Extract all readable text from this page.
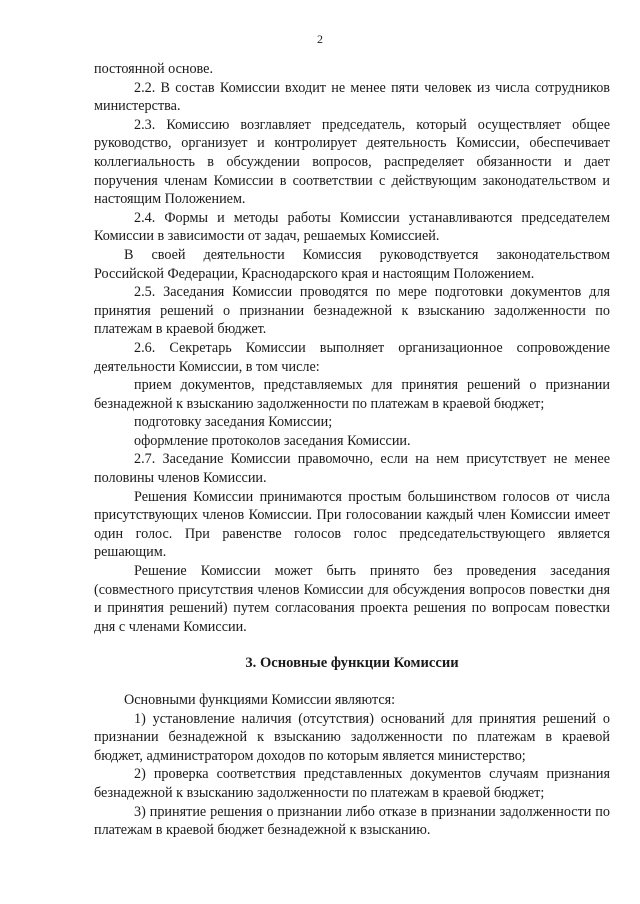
2

постоянной основе.

2.2. В состав Комиссии входит не менее пяти человек из числа сотрудников министерства.

2.3. Комиссию возглавляет председатель, который осуществляет общее руководство, организует и контролирует деятельность Комиссии, обеспечивает коллегиальность в обсуждении вопросов, распределяет обязанности и дает поручения членам Комиссии в соответствии с действующим законодательством и настоящим Положением.

2.4. Формы и методы работы Комиссии устанавливаются председателем Комиссии в зависимости от задач, решаемых Комиссией.

В своей деятельности Комиссия руководствуется законодательством Российской Федерации, Краснодарского края и настоящим Положением.

2.5. Заседания Комиссии проводятся по мере подготовки документов для принятия решений о признании безнадежной к взысканию задолженности по платежам в краевой бюджет.

2.6. Секретарь Комиссии выполняет организационное сопровождение деятельности Комиссии, в том числе:

прием документов, представляемых для принятия решений о признании безнадежной к взысканию задолженности по платежам в краевой бюджет;

подготовку заседания Комиссии;

оформление протоколов заседания Комиссии.

2.7. Заседание Комиссии правомочно, если на нем присутствует не менее половины членов Комиссии.

Решения Комиссии принимаются простым большинством голосов от числа присутствующих членов Комиссии. При голосовании каждый член Комиссии имеет один голос. При равенстве голосов голос председательствующего является решающим.

Решение Комиссии может быть принято без проведения заседания (совместного присутствия членов Комиссии для обсуждения вопросов повестки дня и принятия решений) путем согласования проекта решения по вопросам повестки дня с членами Комиссии.

3. Основные функции Комиссии

Основными функциями Комиссии являются:

1) установление наличия (отсутствия) оснований для принятия решений о признании безнадежной к взысканию задолженности по платежам в краевой бюджет, администратором доходов по которым является министерство;

2) проверка соответствия представленных документов случаям признания безнадежной к взысканию задолженности по платежам в краевой бюджет;

3) принятие решения о признании либо отказе в признании задолженности по платежам в краевой бюджет безнадежной к взысканию.
